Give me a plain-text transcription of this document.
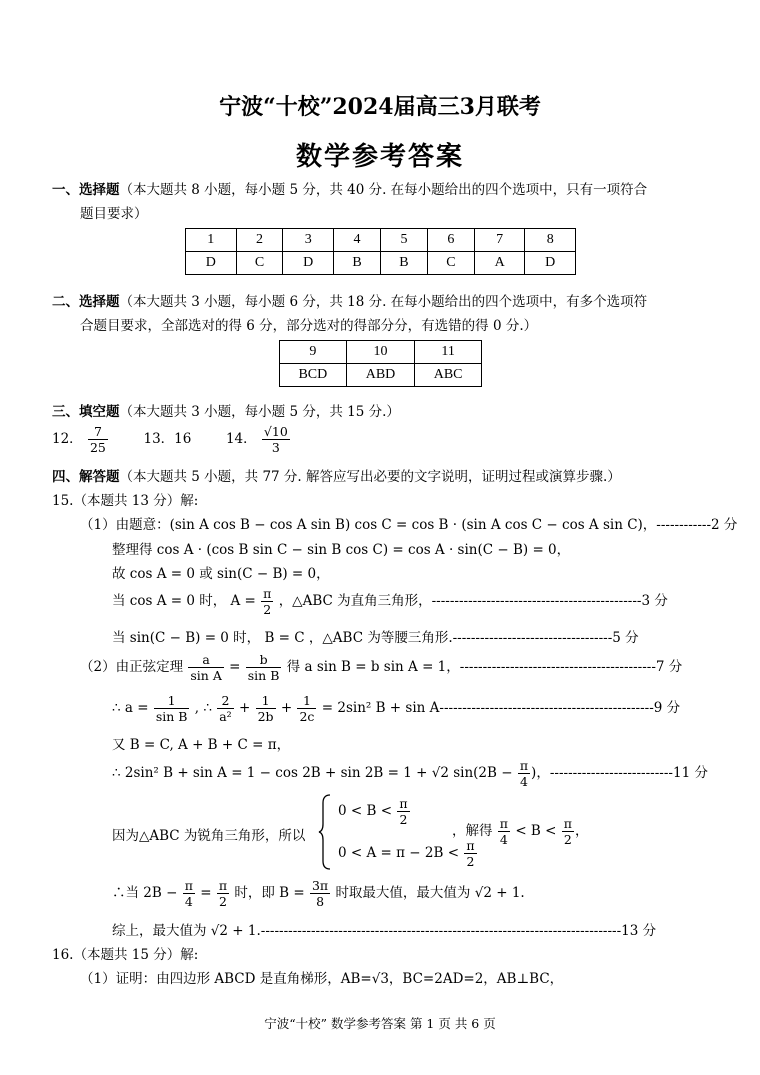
宁波“十校”2024届高三3月联考
数学参考答案
一、选择题（本大题共 8 小题，每小题 5 分，共 40 分. 在每小题给出的四个选项中，只有一项符合
题目要求）
1	2	3	4	5	6	7	8
D	C	D	B	B	C	A	D
二、选择题（本大题共 3 小题，每小题 6 分，共 18 分. 在每小题给出的四个选项中，有多个选项符
合题目要求，全部选对的得 6 分，部分选对的得部分分，有选错的得 0 分.）
9	10	11
BCD	ABD	ABC
三、填空题（本大题共 3 小题，每小题 5 分，共 15 分.）
12． $\frac{7}{25}$	13．16	14． $\frac{√10}{3}$
四、解答题（本大题共 5 小题，共 77 分. 解答应写出必要的文字说明，证明过程或演算步骤.）
15.（本题共 13 分）解:
（1）由题意：(sin A cos B − cos A sin B) cos C = cos B · (sin A cos C − cos A sin C)，------------2 分
整理得 cos A · (cos B sin C − sin B cos C) = cos A · sin(C − B) = 0，
故 cos A = 0 或 sin(C − B) = 0，
当 cos A = 0 时， $A = \frac{\pi}{2}$ ，△ABC 为直角三角形，----------------------------------------------3 分
当 sin(C − B) = 0 时， B = C ，△ABC 为等腰三角形.-----------------------------------5 分
（2）由正弦定理 $\frac{a}{\text{sin A}} = \frac{b}{\text{sin B}}$ 得 a sin B = b sin A = 1，-------------------------------------------7 分
∴ $a = \frac{1}{\text{sin B}}$ , ∴ $\frac{2}{\text{a²}} + \frac{1}{2b} + \frac{1}{2c} = 2\sin^2$ B + sin A-----------------------------------------------9 分
又 B = C, A + B + C = π，
∴ 2sin² B + sin A = 1 − cos 2B + sin 2B = 1 + √2 $\sin(2B - \frac{\pi}{4}$ )，---------------------------11 分
因为△ABC 为锐角三角形，所以
$0 < B < \frac{\pi}{2}$
$0 < A = \pi - 2B < \frac{\pi}{2}$
，解得 $\frac{\pi}{4} < B < \frac{\pi}{2}$ ，
∴当 $2B - \frac{\pi}{4} = \frac{\pi}{2}$ 时，即 $B = \frac{3\pi}{8}$ 时取最大值，最大值为 √2 + 1.
综上，最大值为 √2 + 1.-------------------------------------------------------------------------------13 分
16.（本题共 15 分）解:
（1）证明：由四边形 ABCD 是直角梯形，AB=√3，BC=2AD=2，AB⊥BC，
宁波“十校” 数学参考答案 第 1 页 共 6 页
